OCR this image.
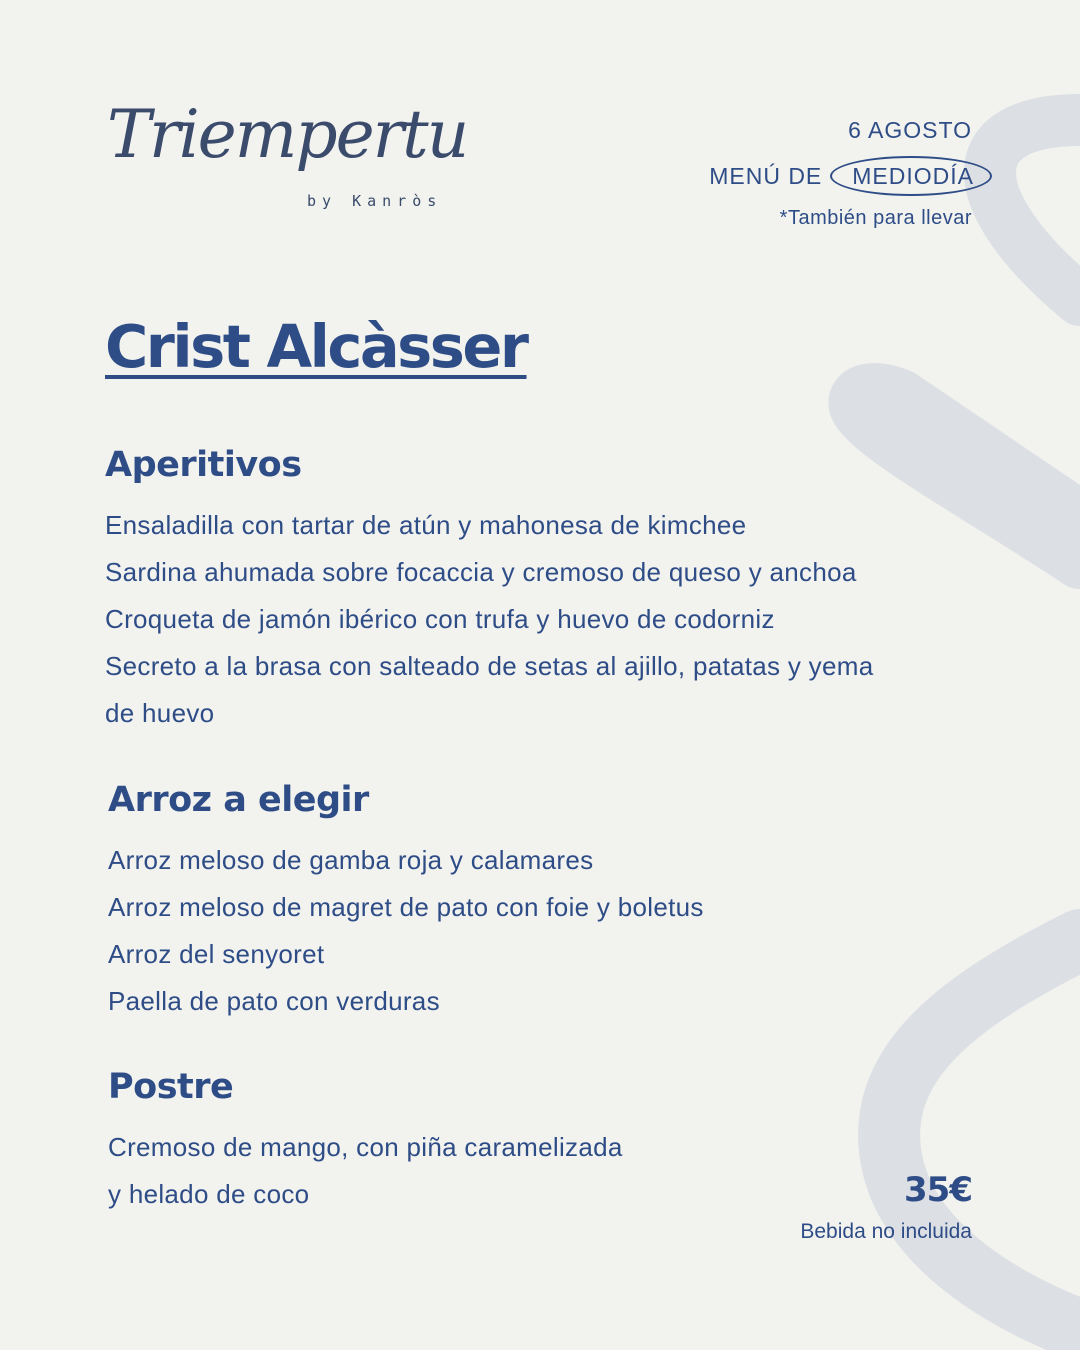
Triempertu
by Kanròs
6 AGOSTO
MENÚ DE	MEDIODÍA
*También para llevar
Crist Alcàsser
Aperitivos
Ensaladilla con tartar de atún y mahonesa de kimchee
Sardina ahumada sobre focaccia y cremoso de queso y anchoa
Croqueta de jamón ibérico con trufa y huevo de codorniz
Secreto a la brasa con salteado de setas al ajillo, patatas y yema
de huevo
Arroz a elegir
Arroz meloso de gamba roja y calamares
Arroz meloso de magret de pato con foie y boletus
Arroz del senyoret
Paella de pato con verduras
Postre
Cremoso de mango, con piña caramelizada
y helado de coco	35€
Bebida no incluida
